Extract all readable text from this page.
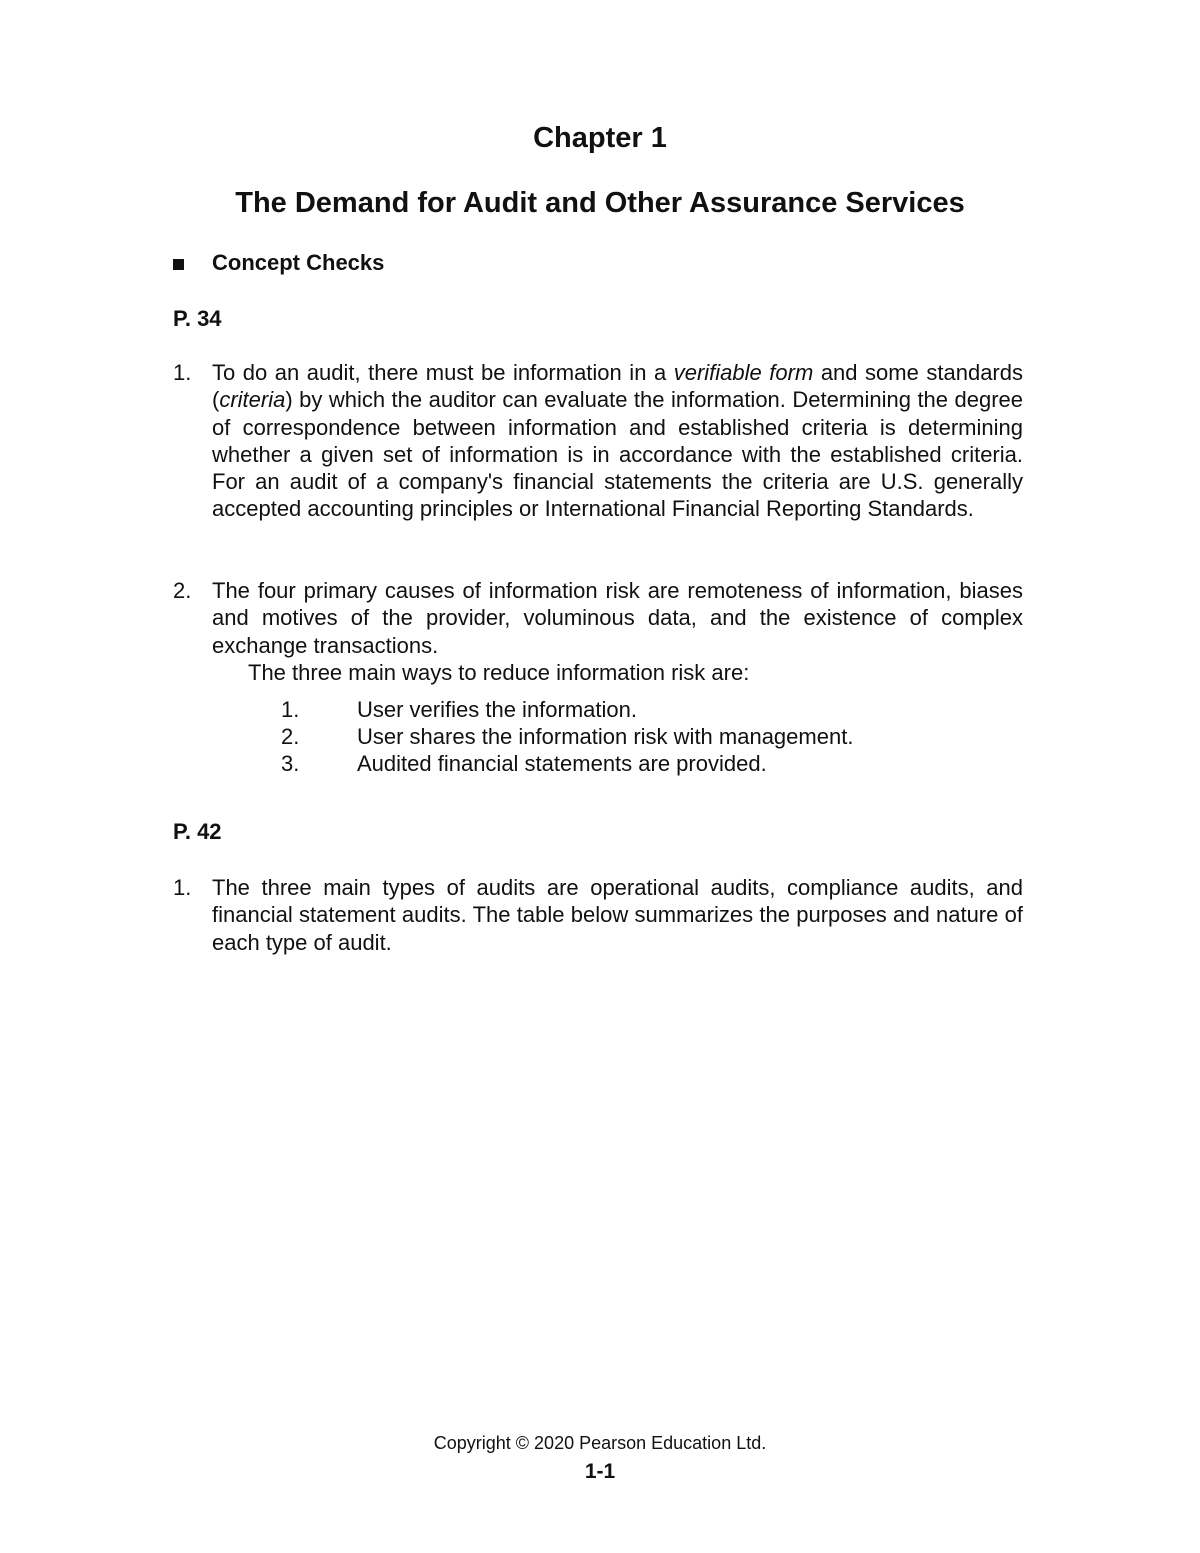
Chapter 1
The Demand for Audit and Other Assurance Services
Concept Checks
P. 34
1. To do an audit, there must be information in a verifiable form and some standards (criteria) by which the auditor can evaluate the information. Determining the degree of correspondence between information and established criteria is determining whether a given set of information is in accordance with the established criteria. For an audit of a company's financial statements the criteria are U.S. generally accepted accounting principles or International Financial Reporting Standards.
2. The four primary causes of information risk are remoteness of information, biases and motives of the provider, voluminous data, and the existence of complex exchange transactions.
The three main ways to reduce information risk are:
1.	User verifies the information.
2.	User shares the information risk with management.
3.	Audited financial statements are provided.
P. 42
1. The three main types of audits are operational audits, compliance audits, and financial statement audits. The table below summarizes the purposes and nature of each type of audit.
Copyright © 2020 Pearson Education Ltd.
1-1
